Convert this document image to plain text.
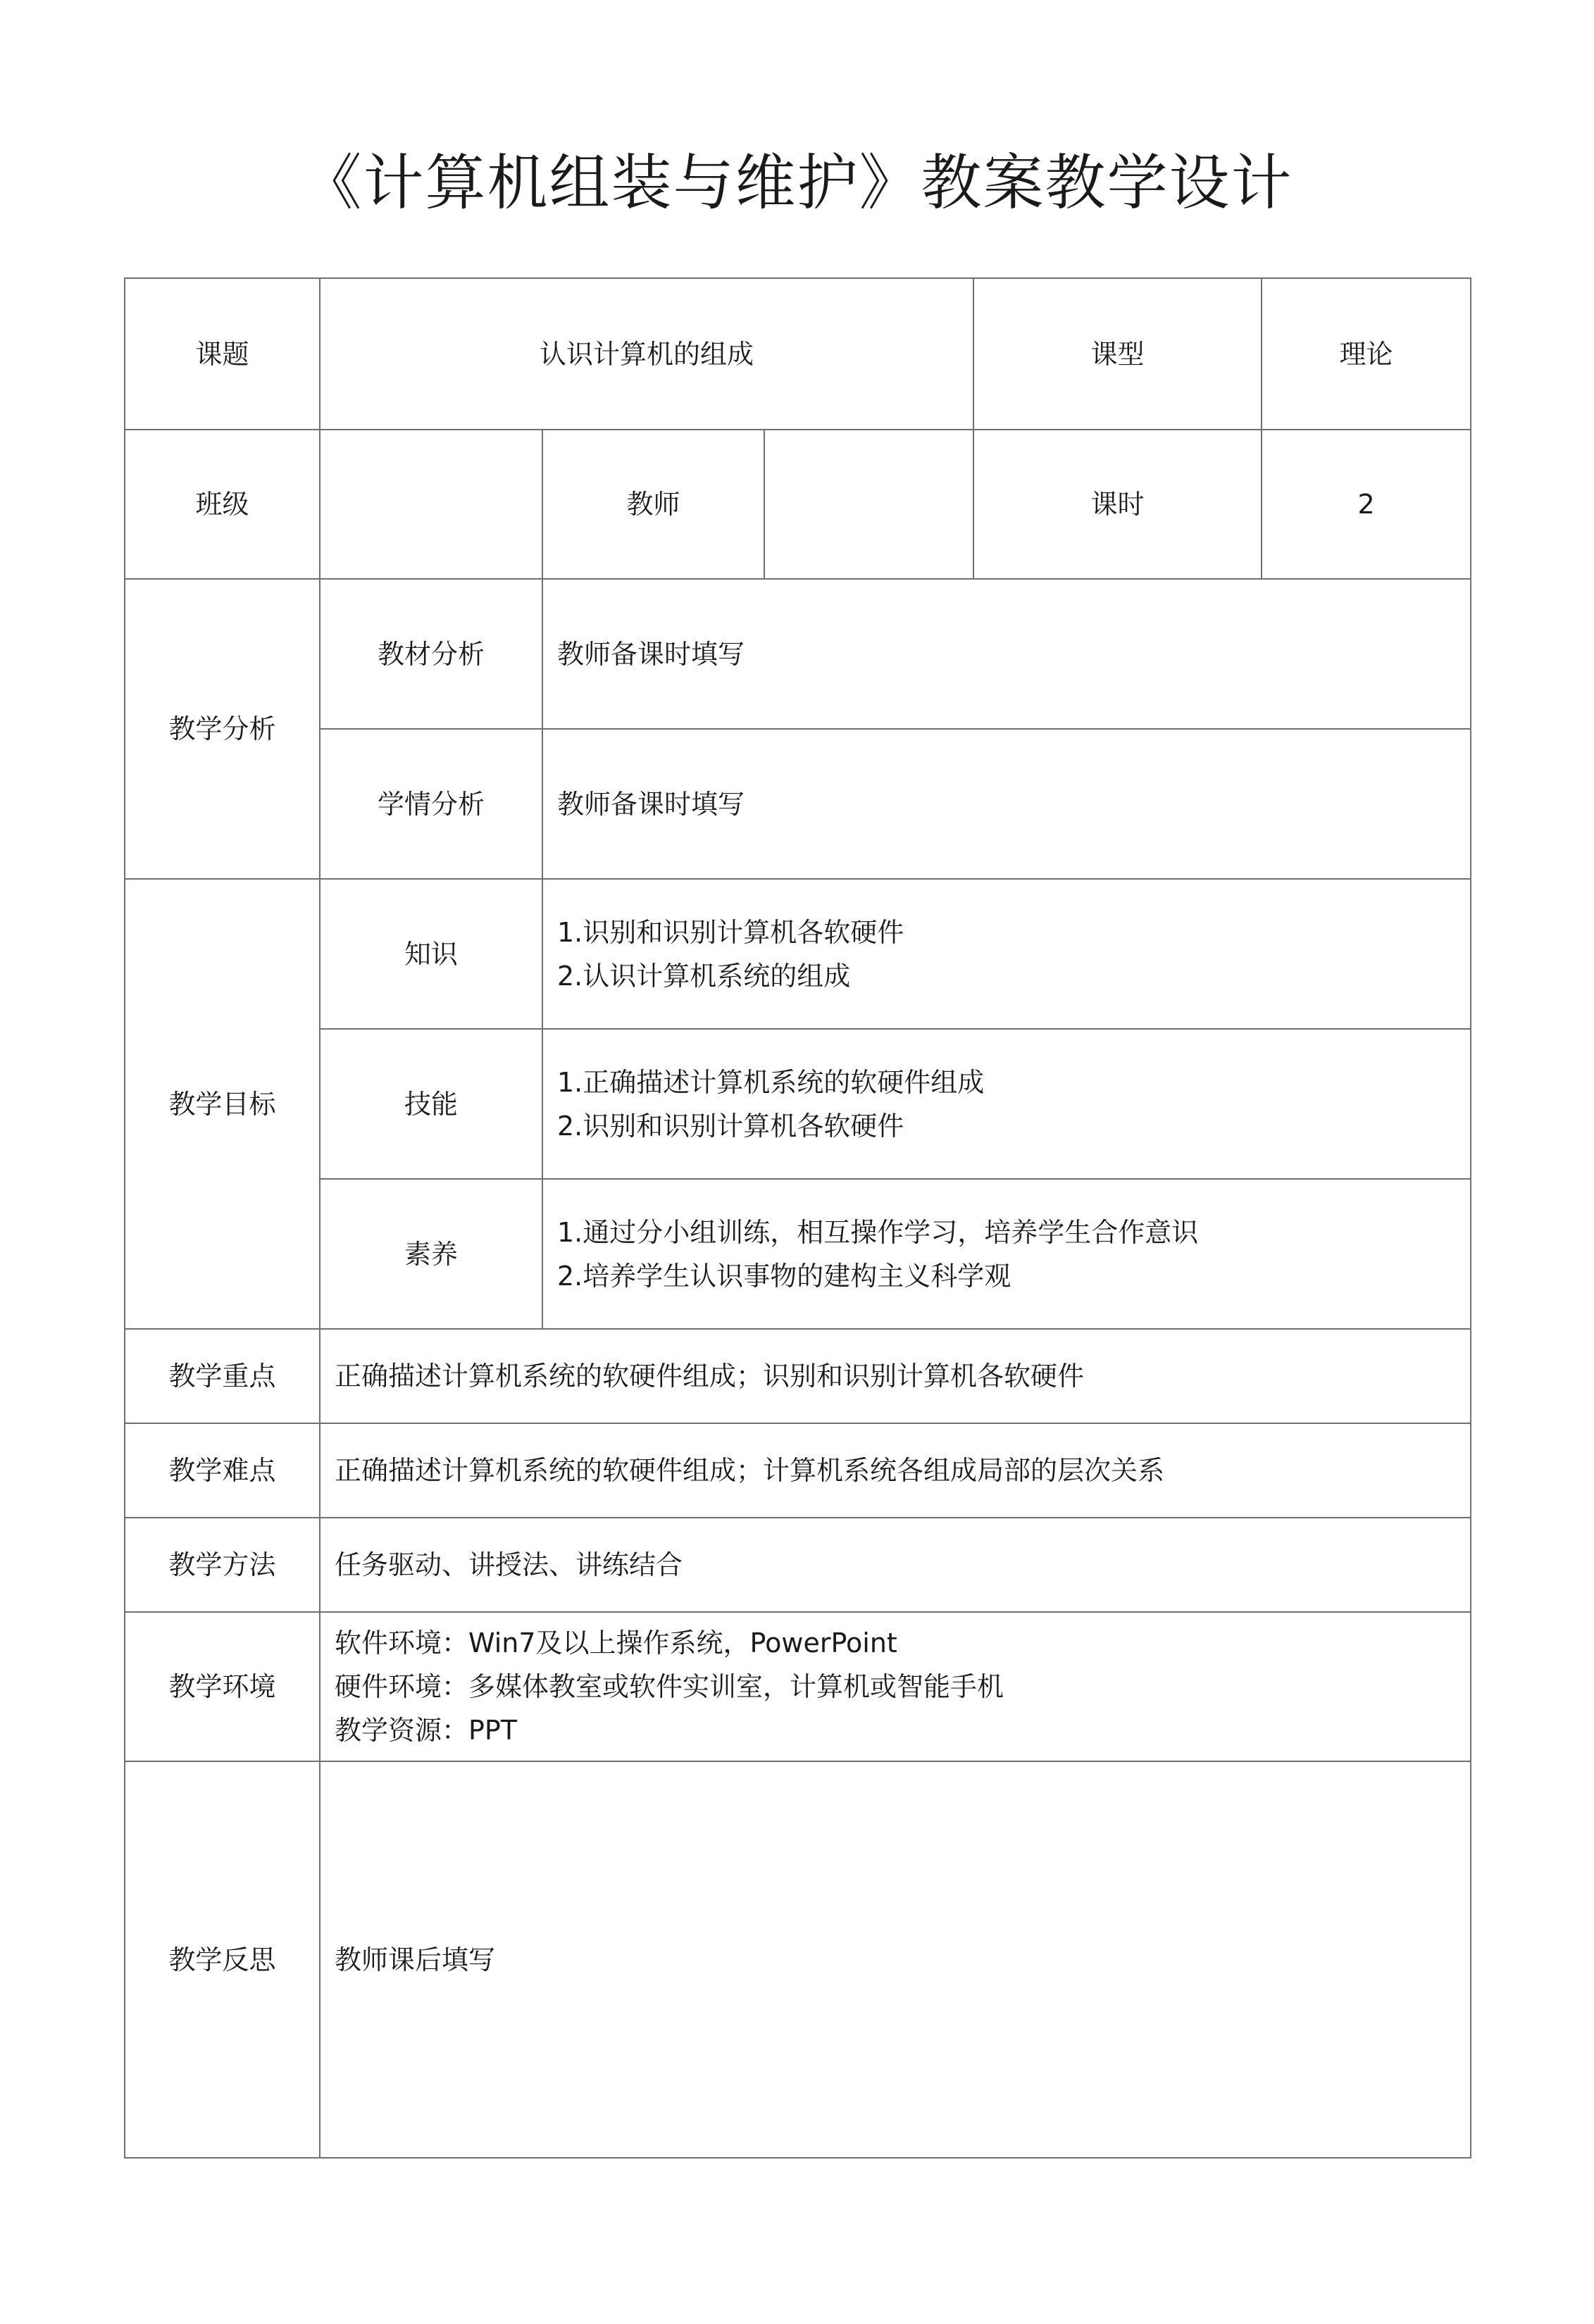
《计算机组装与维护》教案教学设计
课题	认识计算机的组成			课型	理论
班级		教师		课时	2
教学分析	教材分析	教师备课时填写			
	学情分析	教师备课时填写			
教学目标	知识	1.识别和识别计算机各软硬件
2.认识计算机系统的组成			

	技能	1.正确描述计算机系统的软硬件组成
2.识别和识别计算机各软硬件			

	素养	1.通过分小组训练，相互操作学习，培养学生合作意识
2.培养学生认识事物的建构主义科学观			

教学重点	正确描述计算机系统的软硬件组成；识别和识别计算机各软硬件				
教学难点	正确描述计算机系统的软硬件组成；计算机系统各组成局部的层次关系				
教学方法	任务驱动、讲授法、讲练结合				
教学环境	软件环境：Win7及以上操作系统，PowerPoint
硬件环境：多媒体教室或软件实训室，计算机或智能手机
教学资源：PPT				

教学反思	教师课后填写				
